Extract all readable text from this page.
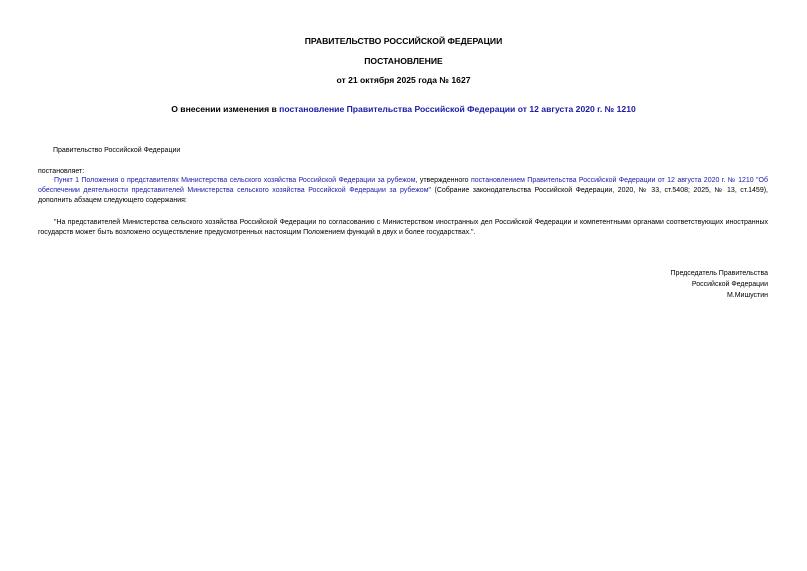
ПРАВИТЕЛЬСТВО РОССИЙСКОЙ ФЕДЕРАЦИИ
ПОСТАНОВЛЕНИЕ
от 21 октября 2025 года № 1627
О внесении изменения в постановление Правительства Российской Федерации от 12 августа 2020 г. № 1210
Правительство Российской Федерации
постановляет:
Пункт 1 Положения о представителях Министерства сельского хозяйства Российской Федерации за рубежом, утвержденного постановлением Правительства Российской Федерации от 12 августа 2020 г. № 1210 "Об обеспечении деятельности представителей Министерства сельского хозяйства Российской Федерации за рубежом" (Собрание законодательства Российской Федерации, 2020, № 33, ст.5408; 2025, № 13, ст.1459), дополнить абзацем следующего содержания:
"На представителей Министерства сельского хозяйства Российской Федерации по согласованию с Министерством иностранных дел Российской Федерации и компетентными органами соответствующих иностранных государств может быть возложено осуществление предусмотренных настоящим Положением функций в двух и более государствах.".
Председатель Правительства
Российской Федерации
М.Мишустин
